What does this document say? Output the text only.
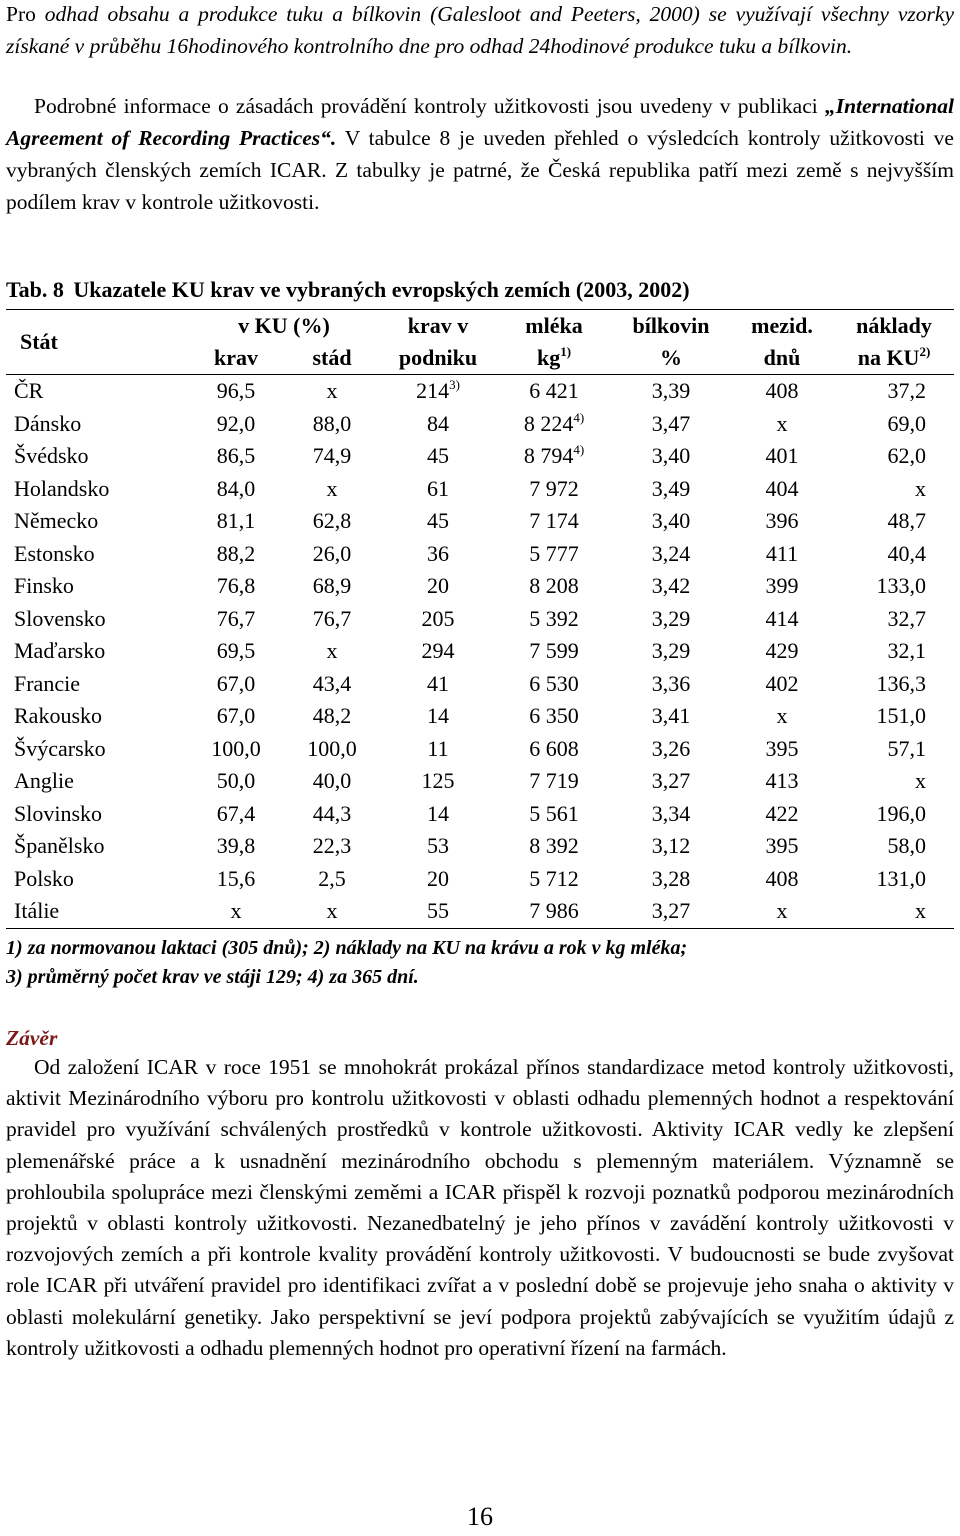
Pro odhad obsahu a produkce tuku a bílkovin (Galesloot and Peeters, 2000) se využívají všechny vzorky získané v průběhu 16hodinového kontrolního dne pro odhad 24hodinové produkce tuku a bílkovin.
Podrobné informace o zásadách provádění kontroly užitkovosti jsou uvedeny v publikaci „International Agreement of Recording Practices“. V tabulce 8 je uveden přehled o výsledcích kontroly užitkovosti ve vybraných členských zemích ICAR. Z tabulky je patrné, že Česká republika patří mezi země s nejvyšším podílem krav v kontrole užitkovosti.
Tab. 8 Ukazatele KU krav ve vybraných evropských zemích (2003, 2002)
Stát	v KU (%)		krav v	mléka	bílkovin	mezid.	náklady
	krav	stád	podniku	$kg^{1)}$	%	dnů	na KU$^{2)}$
ČR	96,5	x	214$^{3)}$	6 421	3,39	408	37,2
Dánsko	92,0	88,0	84	8 224$^{4)}$	3,47	x	69,0
Švédsko	86,5	74,9	45	8 794$^{4)}$	3,40	401	62,0
Holandsko	84,0	x	61	7 972	3,49	404	x
Německo	81,1	62,8	45	7 174	3,40	396	48,7
Estonsko	88,2	26,0	36	5 777	3,24	411	40,4
Finsko	76,8	68,9	20	8 208	3,42	399	133,0
Slovensko	76,7	76,7	205	5 392	3,29	414	32,7
Maďarsko	69,5	x	294	7 599	3,29	429	32,1
Francie	67,0	43,4	41	6 530	3,36	402	136,3
Rakousko	67,0	48,2	14	6 350	3,41	x	151,0
Švýcarsko	100,0	100,0	11	6 608	3,26	395	57,1
Anglie	50,0	40,0	125	7 719	3,27	413	x
Slovinsko	67,4	44,3	14	5 561	3,34	422	196,0
Španělsko	39,8	22,3	53	8 392	3,12	395	58,0
Polsko	15,6	2,5	20	5 712	3,28	408	131,0
Itálie	x	x	55	7 986	3,27	x	x
1) za normovanou laktaci (305 dnů); 2) náklady na KU na krávu a rok v kg mléka;
3) průměrný počet krav ve stáji 129; 4) za 365 dní.
Závěr
Od založení ICAR v roce 1951 se mnohokrát prokázal přínos standardizace metod kontroly užitkovosti, aktivit Mezinárodního výboru pro kontrolu užitkovosti v oblasti odhadu plemenných hodnot a respektování pravidel pro využívání schválených prostředků v kontrole užitkovosti. Aktivity ICAR vedly ke zlepšení plemenářské práce a k usnadnění mezinárodního obchodu s plemenným materiálem. Významně se prohloubila spolupráce mezi členskými zeměmi a ICAR přispěl k rozvoji poznatků podporou mezinárodních projektů v oblasti kontroly užitkovosti. Nezanedbatelný je jeho přínos v zavádění kontroly užitkovosti v rozvojových zemích a při kontrole kvality provádění kontroly užitkovosti. V budoucnosti se bude zvyšovat role ICAR při utváření pravidel pro identifikaci zvířat a v poslední době se projevuje jeho snaha o aktivity v oblasti molekulární genetiky. Jako perspektivní se jeví podpora projektů zabývajících se využitím údajů z kontroly užitkovosti a odhadu plemenných hodnot pro operativní řízení na farmách.
16
